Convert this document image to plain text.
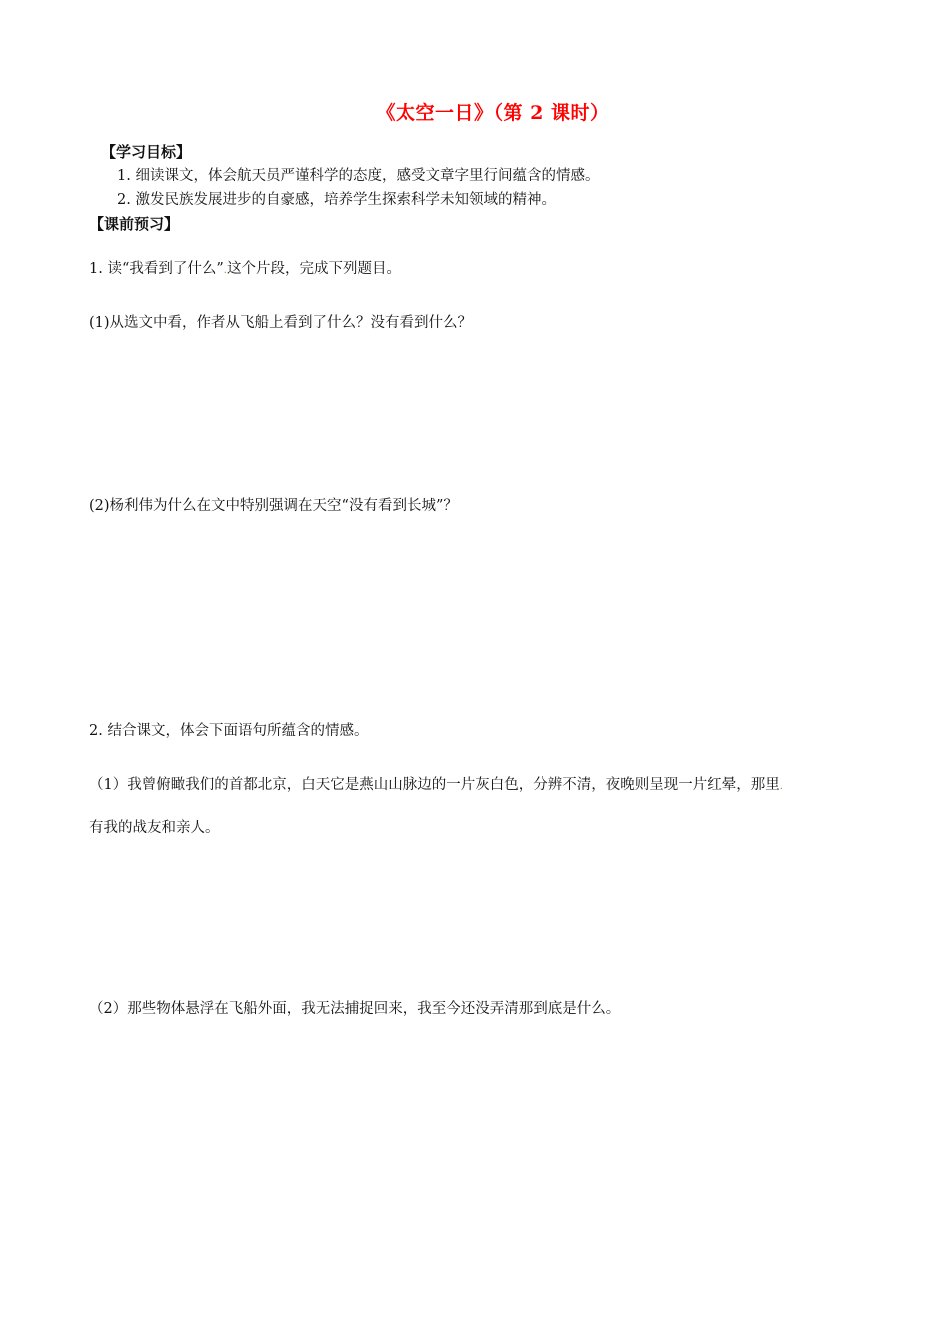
《太空一日》（第 2 课时）
【学习目标】
1. 细读课文，体会航天员严谨科学的态度，感受文章字里行间蕴含的情感。
2. 激发民族发展进步的自豪感，培养学生探索科学未知领域的精神。
【课前预习】
1. 读“我看到了什么”.这个片段，完成下列题目。
(1)从选文中看，作者从飞船上看到了什么？没有看到什么？
(2)杨利伟为什么在文中特别强调在天空“没有看到长城”？
2. 结合课文，体会下面语句所蕴含的情感。
（1）我曾俯瞰我们的首都北京，白天它是燕山山脉边的一片灰白色，分辨不清，夜晚则呈现一片红晕，那里.
有我的战友和亲人。
（2）那些物体悬浮在飞船外面，我无法捕捉回来，我至今还没弄清那到底是什么。
